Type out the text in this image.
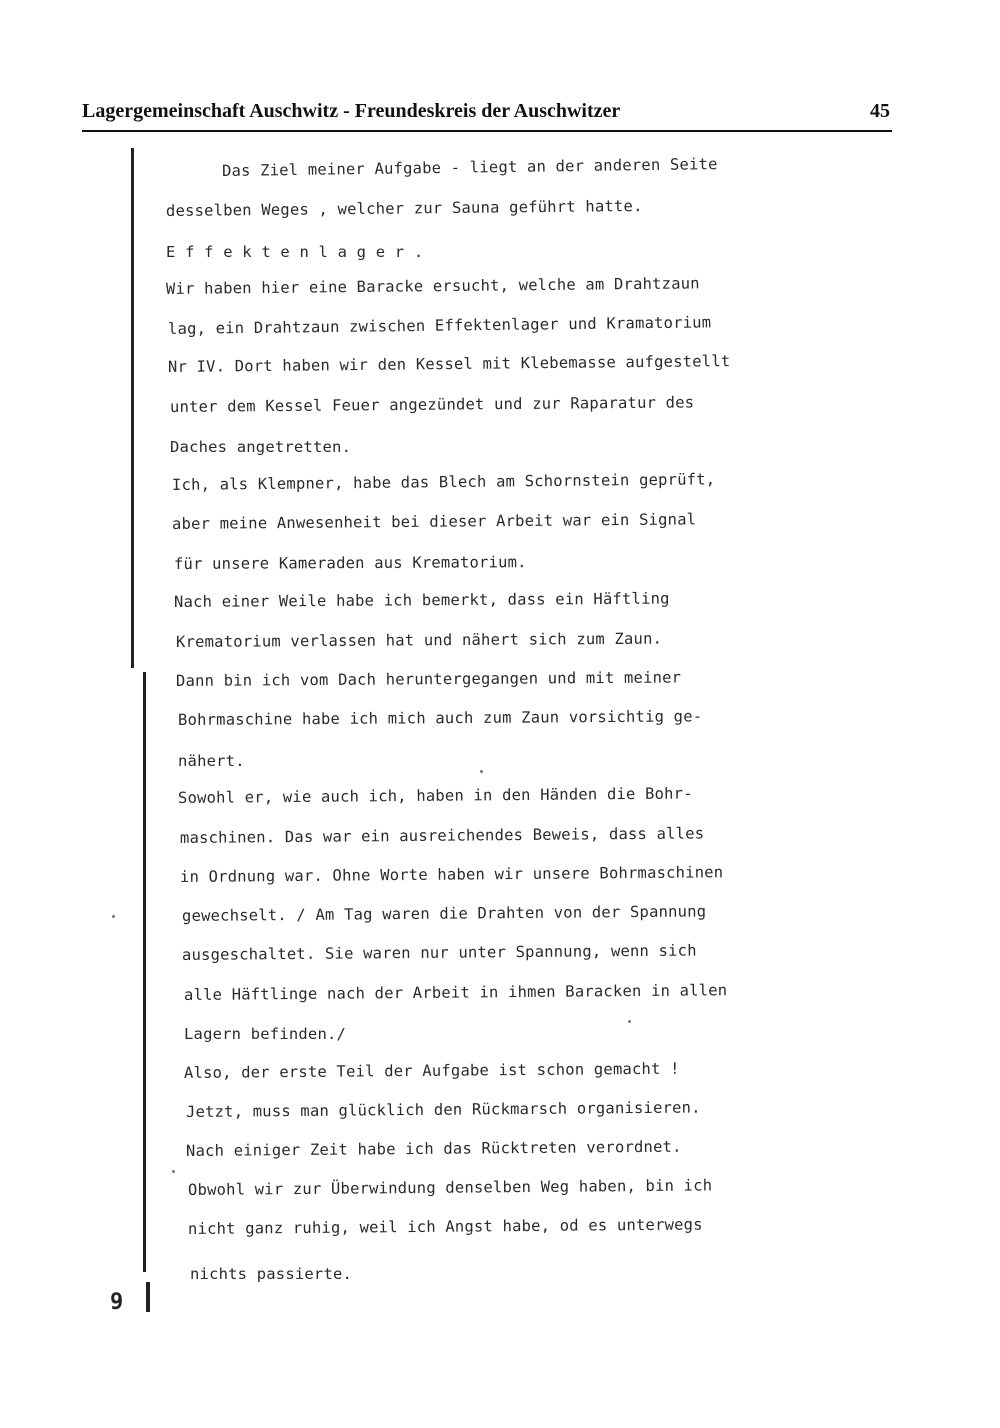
Lagergemeinschaft Auschwitz - Freundeskreis der Auschwitzer	45
9
Das Ziel meiner Aufgabe - liegt an der anderen Seite
desselben Weges , welcher zur Sauna geführt hatte.
E f f e k t e n l a g e r .
Wir haben hier eine Baracke ersucht, welche am Drahtzaun
lag, ein Drahtzaun zwischen Effektenlager und Kramatorium
Nr IV. Dort haben wir den Kessel mit Klebemasse aufgestellt
unter dem Kessel Feuer angezündet und zur Raparatur des
Daches angetretten.
Ich, als Klempner, habe das Blech am Schornstein geprüft,
aber meine Anwesenheit bei dieser Arbeit war ein Signal
für unsere Kameraden aus Krematorium.
Nach einer Weile habe ich bemerkt, dass ein Häftling
Krematorium verlassen hat und nähert sich zum Zaun.
Dann bin ich vom Dach heruntergegangen und mit meiner
Bohrmaschine habe ich mich auch zum Zaun vorsichtig ge-
nähert.
Sowohl er, wie auch ich, haben in den Händen die Bohr-
maschinen. Das war ein ausreichendes Beweis, dass alles
in Ordnung war. Ohne Worte haben wir unsere Bohrmaschinen
gewechselt. / Am Tag waren die Drahten von der Spannung
ausgeschaltet. Sie waren nur unter Spannung, wenn sich
alle Häftlinge nach der Arbeit in ihmen Baracken in allen
Lagern befinden./
Also, der erste Teil der Aufgabe ist schon gemacht !
Jetzt, muss man glücklich den Rückmarsch organisieren.
Nach einiger Zeit habe ich das Rücktreten verordnet.
Obwohl wir zur Überwindung denselben Weg haben, bin ich
nicht ganz ruhig, weil ich Angst habe, od es unterwegs
nichts passierte.
